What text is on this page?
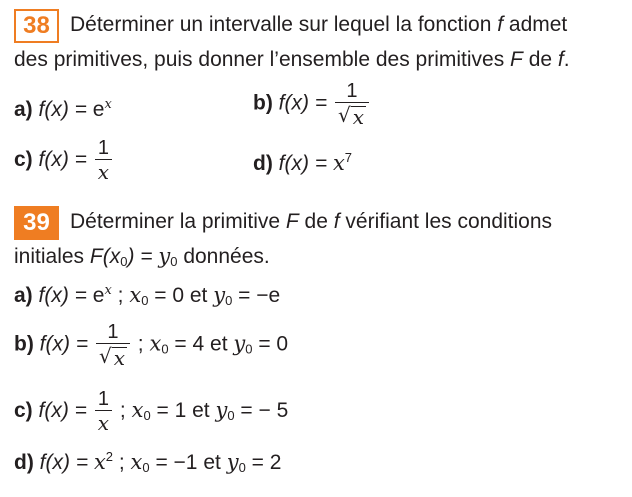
38 Déterminer un intervalle sur lequel la fonction f admet
des primitives, puis donner l’ensemble des primitives F de f.
a) $f(x) = e^x$	b) $f(x) = \frac{1}{√ x}$
c) $f(x) = \frac{1}{x}$	d) $f(x) = x^7$
39 Déterminer la primitive F de f vérifiant les conditions
initiales $F(x_0) = y_0$ données.
a) $f(x) = e^x$ ; $x_0 = 0$ et $y_0 = -e$
b) $f(x) = \frac{1}{√ x}$ ; $x_0 = 4$ et $y_0 = 0$
c) $f(x) = \frac{1}{x}$ ; $x_0 = 1$ et $y_0$ = − 5
d) $f(x) = x^2$ ; $x_0 = -1$ et $y_0 = 2$
